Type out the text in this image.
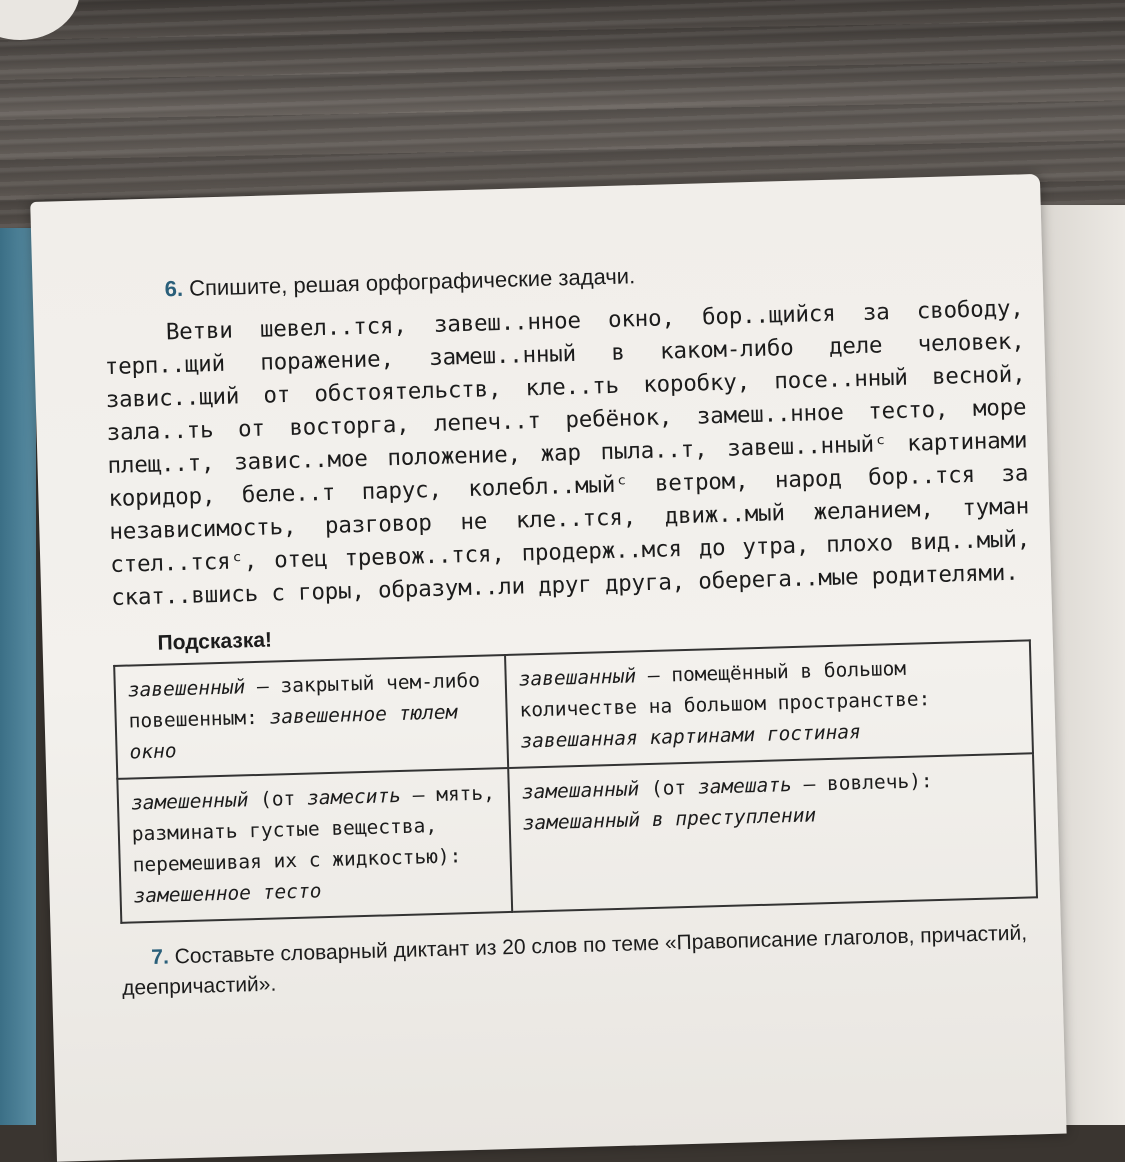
6. Спишите, решая орфографические задачи.

Ветви шевел..тся, завеш..нное окно, бор..щийся за свободу, терп..щий поражение, замеш..нный в каком-либо деле человек, завис..щий от обстоятельств, кле..ть коробку, посе..нный весной, зала..ть от восторга, лепеч..т ребёнок, замеш..нное тесто, море плещ..т, завис..мое положение, жар пыла..т, завеш..нныйᶜ картинами коридор, беле..т парус, колебл..мыйᶜ ветром, народ бор..тся за независимость, разговор не кле..тся, движ..мый желанием, туман стел..тсяᶜ, отец тревож..тся, продерж..мся до утра, плохо вид..мый, скат..вшись с горы, образум..ли друг друга, оберега..мые родителями.

Подсказка!
завешенный — закрытый чем-либо повешенным: завешенное тюлем окно	завешанный — помещённый в большом количестве на большом пространстве: завешанная картинами гостиная
замешенный (от замесить — мять, разминать густые вещества, перемешивая их с жидкостью): замешенное тесто	замешанный (от замешать — вовлечь): замешанный в преступлении
7. Составьте словарный диктант из 20 слов по теме «Правописание глаголов, причастий, деепричастий».
